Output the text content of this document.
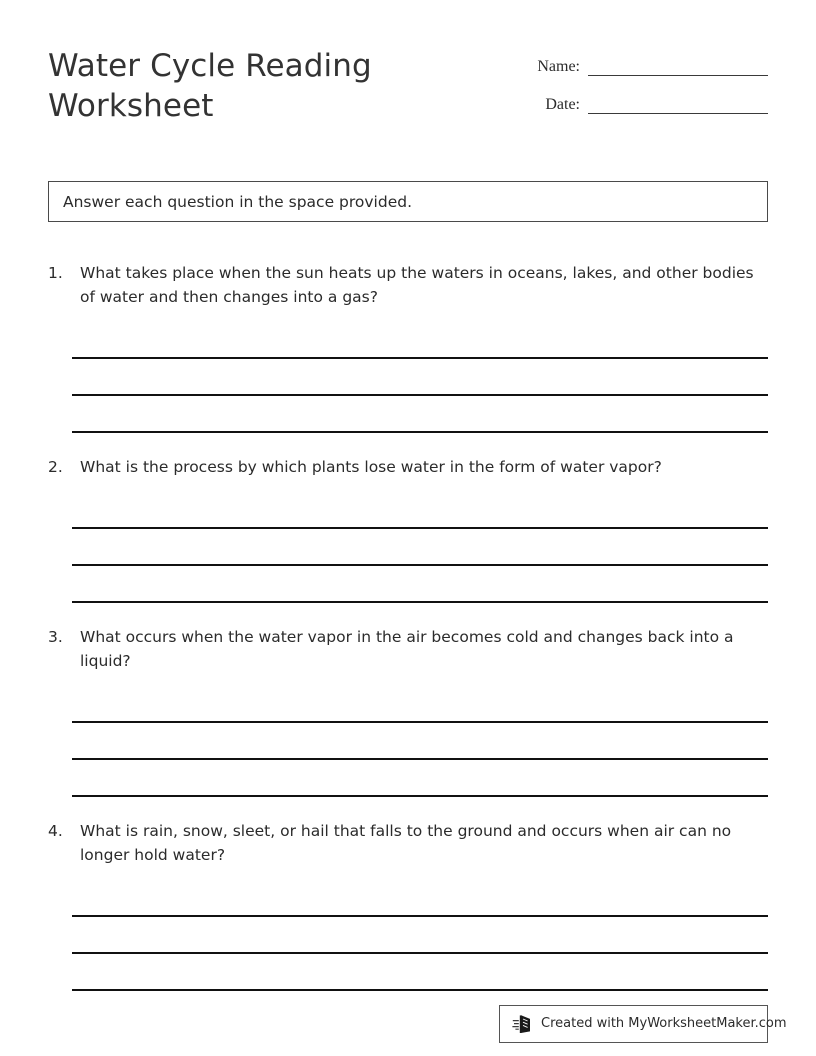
Water Cycle Reading Worksheet
Name:
Date:
Answer each question in the space provided.
1.	What takes place when the sun heats up the waters in oceans, lakes, and other bodies of water and then changes into a gas?
2.	What is the process by which plants lose water in the form of water vapor?
3.	What occurs when the water vapor in the air becomes cold and changes back into a liquid?
4.	What is rain, snow, sleet, or hail that falls to the ground and occurs when air can no longer hold water?
Created with MyWorksheetMaker.com
